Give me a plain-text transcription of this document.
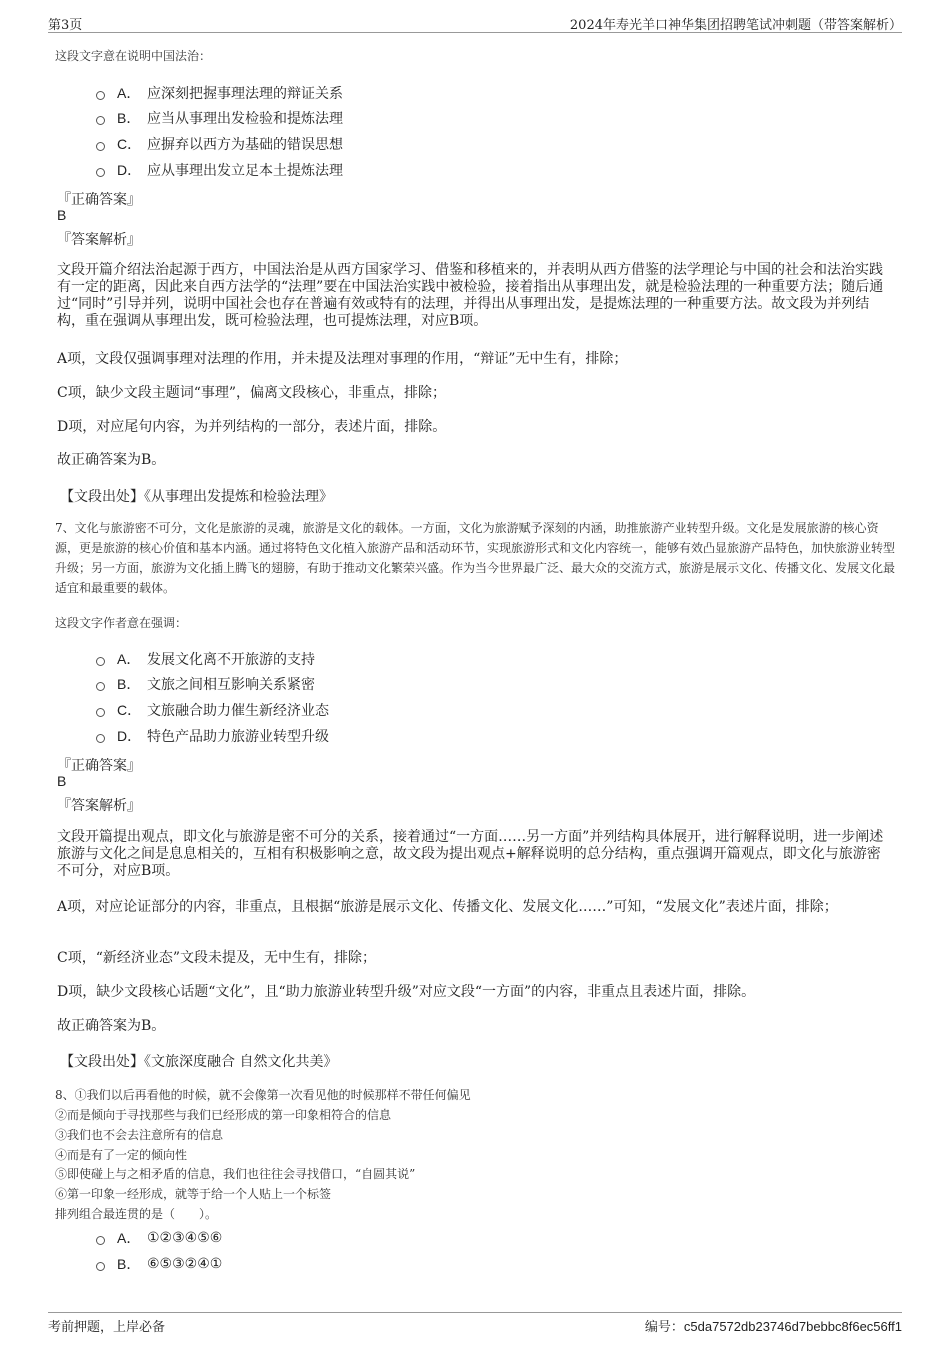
第3页	2024年寿光羊口神华集团招聘笔试冲刺题（带答案解析）
这段文字意在说明中国法治：
A． 应深刻把握事理法理的辩证关系
B． 应当从事理出发检验和提炼法理
C． 应摒弃以西方为基础的错误思想
D． 应从事理出发立足本土提炼法理
『正确答案』
B
『答案解析』
文段开篇介绍法治起源于西方，中国法治是从西方国家学习、借鉴和移植来的，并表明从西方借鉴的法学理论与中国的社会和法治实践有一定的距离，因此来自西方法学的“法理”要在中国法治实践中被检验，接着指出从事理出发，就是检验法理的一种重要方法；随后通过“同时”引导并列，说明中国社会也存在普遍有效或特有的法理，并得出从事理出发，是提炼法理的一种重要方法。故文段为并列结构，重在强调从事理出发，既可检验法理，也可提炼法理，对应B项。
A项，文段仅强调事理对法理的作用，并未提及法理对事理的作用，“辩证”无中生有，排除；
C项，缺少文段主题词“事理”，偏离文段核心，非重点，排除；
D项，对应尾句内容，为并列结构的一部分，表述片面，排除。
故正确答案为B。
【文段出处】《从事理出发提炼和检验法理》
7、文化与旅游密不可分，文化是旅游的灵魂，旅游是文化的载体。一方面，文化为旅游赋予深刻的内涵，助推旅游产业转型升级。文化是发展旅游的核心资源，更是旅游的核心价值和基本内涵。通过将特色文化植入旅游产品和活动环节，实现旅游形式和文化内容统一，能够有效凸显旅游产品特色，加快旅游业转型升级；另一方面，旅游为文化插上腾飞的翅膀，有助于推动文化繁荣兴盛。作为当今世界最广泛、最大众的交流方式，旅游是展示文化、传播文化、发展文化最适宜和最重要的载体。
这段文字作者意在强调：
A． 发展文化离不开旅游的支持
B． 文旅之间相互影响关系紧密
C． 文旅融合助力催生新经济业态
D． 特色产品助力旅游业转型升级
『正确答案』
B
『答案解析』
文段开篇提出观点，即文化与旅游是密不可分的关系，接着通过“一方面……另一方面”并列结构具体展开，进行解释说明，进一步阐述旅游与文化之间是息息相关的，互相有积极影响之意，故文段为提出观点+解释说明的总分结构，重点强调开篇观点，即文化与旅游密不可分，对应B项。
A项，对应论证部分的内容，非重点，且根据“旅游是展示文化、传播文化、发展文化……”可知，“发展文化”表述片面，排除；
C项，“新经济业态”文段未提及，无中生有，排除；
D项，缺少文段核心话题“文化”，且“助力旅游业转型升级”对应文段“一方面”的内容，非重点且表述片面，排除。
故正确答案为B。
【文段出处】《文旅深度融合 自然文化共美》
8、①我们以后再看他的时候，就不会像第一次看见他的时候那样不带任何偏见
②而是倾向于寻找那些与我们已经形成的第一印象相符合的信息
③我们也不会去注意所有的信息
④而是有了一定的倾向性
⑤即使碰上与之相矛盾的信息，我们也往往会寻找借口，“自圆其说”
⑥第一印象一经形成，就等于给一个人贴上一个标签
排列组合最连贯的是（　　）。
A． ①②③④⑤⑥
B． ⑥⑤③②④①
考前押题，上岸必备	编号：c5da7572db23746d7bebbc8f6ec56ff1
